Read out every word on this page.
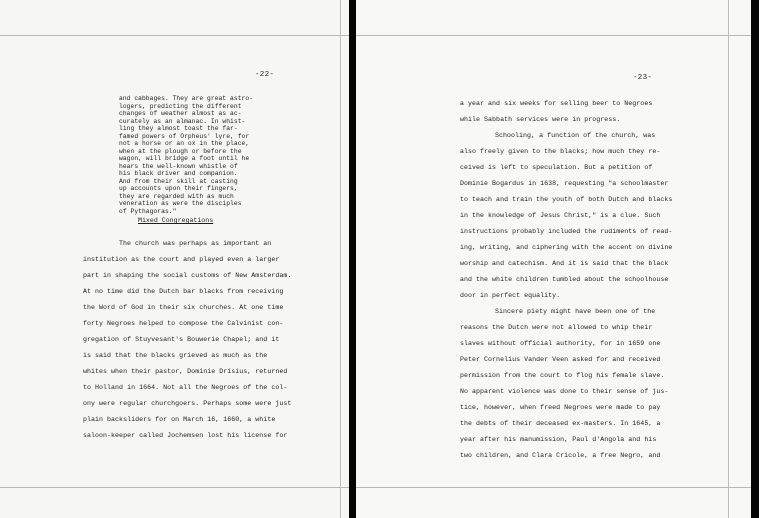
-22-
and cabbages. They are great astro-
logers, predicting the different
changes of weather almost as ac-
curately as an almanac. In whist-
ling they almost toast the far-
famed powers of Orpheus' lyre, for
not a horse or an ox in the place,
when at the plough or before the
wagon, will bridge a foot until he
hears the well-known whistle of
his black driver and companion.
And from their skill at casting
up accounts upon their fingers,
they are regarded with as much
veneration as were the disciples
of Pythagoras."
Mixed Congregations
The church was perhaps as important an
institution as the court and played even a larger
part in shaping the social customs of New Amsterdam.
At no time did the Dutch bar blacks from receiving
the Word of God in their six churches. At one time
forty Negroes helped to compose the Calvinist con-
gregation of Stuyvesant's Bouwerie Chapel; and it
is said that the blacks grieved as much as the
whites when their pastor, Dominie Drisius, returned
to Holland in 1664. Not all the Negroes of the col-
ony were regular churchgoers. Perhaps some were just
plain backsliders for on March 16, 1660, a white
saloon-keeper called Jochemsen lost his license for
-23-
a year and six weeks for selling beer to Negroes
while Sabbath services were in progress.
Schooling, a function of the church, was
also freely given to the blacks; how much they re-
ceived is left to speculation. But a petition of
Dominie Bogardus in 1638, requesting "a schoolmaster
to teach and train the youth of both Dutch and blacks
in the knowledge of Jesus Christ," is a clue. Such
instructions probably included the rudiments of read-
ing, writing, and ciphering with the accent on divine
worship and catechism. And it is said that the black
and the white children tumbled about the schoolhouse
door in perfect equality.
Sincere piety might have been one of the
reasons the Dutch were not allowed to whip their
slaves without official authority, for in 1659 one
Peter Cornelius Vander Veen asked for and received
permission from the court to flog his female slave.
No apparent violence was done to their sense of jus-
tice, however, when freed Negroes were made to pay
the debts of their deceased ex-masters. In 1645, a
year after his manumission, Paul d'Angola and his
two children, and Clara Cricole, a free Negro, and
